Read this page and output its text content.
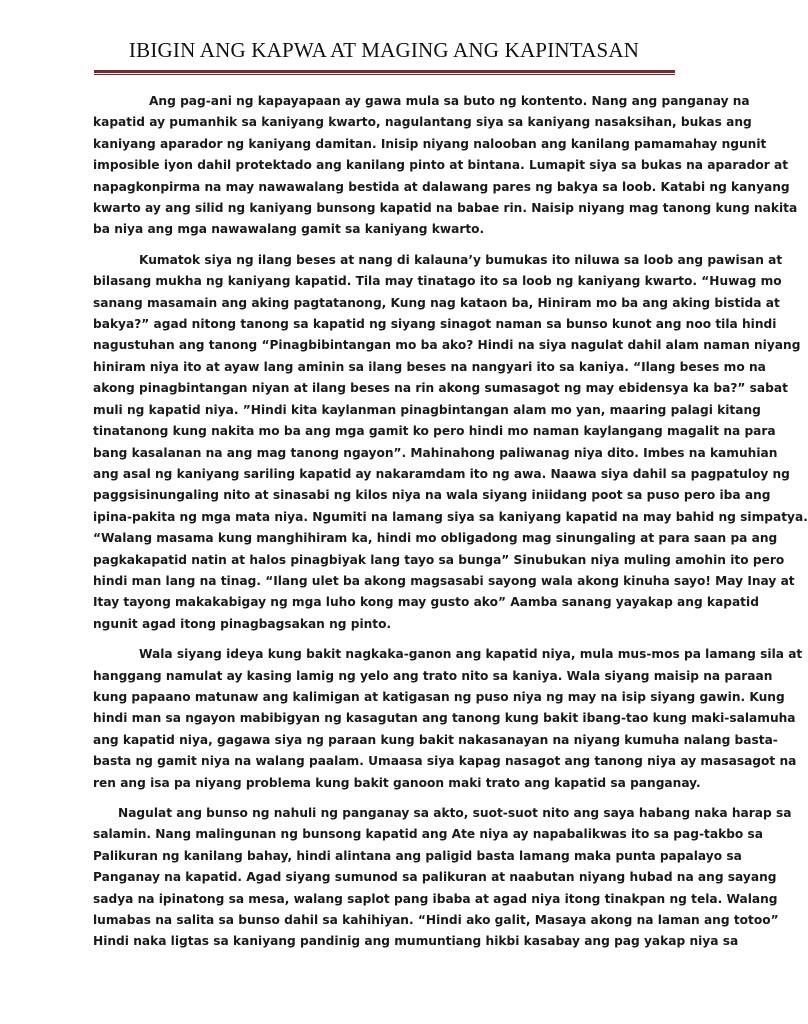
IBIGIN ANG KAPWA AT MAGING ANG KAPINTASAN
Ang pag-ani ng kapayapaan ay gawa mula sa buto ng kontento. Nang ang panganay na
kapatid ay pumanhik sa kaniyang kwarto, nagulantang siya sa kaniyang nasaksihan, bukas ang
kaniyang aparador ng kaniyang damitan. Inisip niyang nalooban ang kanilang pamamahay ngunit
imposible iyon dahil protektado ang kanilang pinto at bintana. Lumapit siya sa bukas na aparador at
napagkonpirma na may nawawalang bestida at dalawang pares ng bakya sa loob. Katabi ng kanyang
kwarto ay ang silid ng kaniyang bunsong kapatid na babae rin. Naisip niyang mag tanong kung nakita
ba niya ang mga nawawalang gamit sa kaniyang kwarto.
Kumatok siya ng ilang beses at nang di kalauna’y bumukas ito niluwa sa loob ang pawisan at
bilasang mukha ng kaniyang kapatid. Tila may tinatago ito sa loob ng kaniyang kwarto. “Huwag mo
sanang masamain ang aking pagtatanong, Kung nag kataon ba, Hiniram mo ba ang aking bistida at
bakya?” agad nitong tanong sa kapatid ng siyang sinagot naman sa bunso kunot ang noo tila hindi
nagustuhan ang tanong “Pinagbibintangan mo ba ako? Hindi na siya nagulat dahil alam naman niyang
hiniram niya ito at ayaw lang aminin sa ilang beses na nangyari ito sa kaniya. “Ilang beses mo na
akong pinagbintangan niyan at ilang beses na rin akong sumasagot ng may ebidensya ka ba?” sabat
muli ng kapatid niya. ”Hindi kita kaylanman pinagbintangan alam mo yan, maaring palagi kitang
tinatanong kung nakita mo ba ang mga gamit ko pero hindi mo naman kaylangang magalit na para
bang kasalanan na ang mag tanong ngayon”. Mahinahong paliwanag niya dito. Imbes na kamuhian
ang asal ng kaniyang sariling kapatid ay nakaramdam ito ng awa. Naawa siya dahil sa pagpatuloy ng
paggsisinungaling nito at sinasabi ng kilos niya na wala siyang iniidang poot sa puso pero iba ang
ipina-pakita ng mga mata niya. Ngumiti na lamang siya sa kaniyang kapatid na may bahid ng simpatya.
“Walang masama kung manghihiram ka, hindi mo obligadong mag sinungaling at para saan pa ang
pagkakapatid natin at halos pinagbiyak lang tayo sa bunga” Sinubukan niya muling amohin ito pero
hindi man lang na tinag. “Ilang ulet ba akong magsasabi sayong wala akong kinuha sayo! May Inay at
Itay tayong makakabigay ng mga luho kong may gusto ako” Aamba sanang yayakap ang kapatid
ngunit agad itong pinagbagsakan ng pinto.
Wala siyang ideya kung bakit nagkaka-ganon ang kapatid niya, mula mus-mos pa lamang sila at
hanggang namulat ay kasing lamig ng yelo ang trato nito sa kaniya. Wala siyang maisip na paraan
kung papaano matunaw ang kalimigan at katigasan ng puso niya ng may na isip siyang gawin. Kung
hindi man sa ngayon mabibigyan ng kasagutan ang tanong kung bakit ibang-tao kung maki-salamuha
ang kapatid niya, gagawa siya ng paraan kung bakit nakasanayan na niyang kumuha nalang basta-
basta ng gamit niya na walang paalam. Umaasa siya kapag nasagot ang tanong niya ay masasagot na
ren ang isa pa niyang problema kung bakit ganoon maki trato ang kapatid sa panganay.
Nagulat ang bunso ng nahuli ng panganay sa akto, suot-suot nito ang saya habang naka harap sa
salamin. Nang malingunan ng bunsong kapatid ang Ate niya ay napabalikwas ito sa pag-takbo sa
Palikuran ng kanilang bahay, hindi alintana ang paligid basta lamang maka punta papalayo sa
Panganay na kapatid. Agad siyang sumunod sa palikuran at naabutan niyang hubad na ang sayang
sadya na ipinatong sa mesa, walang saplot pang ibaba at agad niya itong tinakpan ng tela. Walang
lumabas na salita sa bunso dahil sa kahihiyan. “Hindi ako galit, Masaya akong na laman ang totoo”
Hindi naka ligtas sa kaniyang pandinig ang mumuntiang hikbi kasabay ang pag yakap niya sa
